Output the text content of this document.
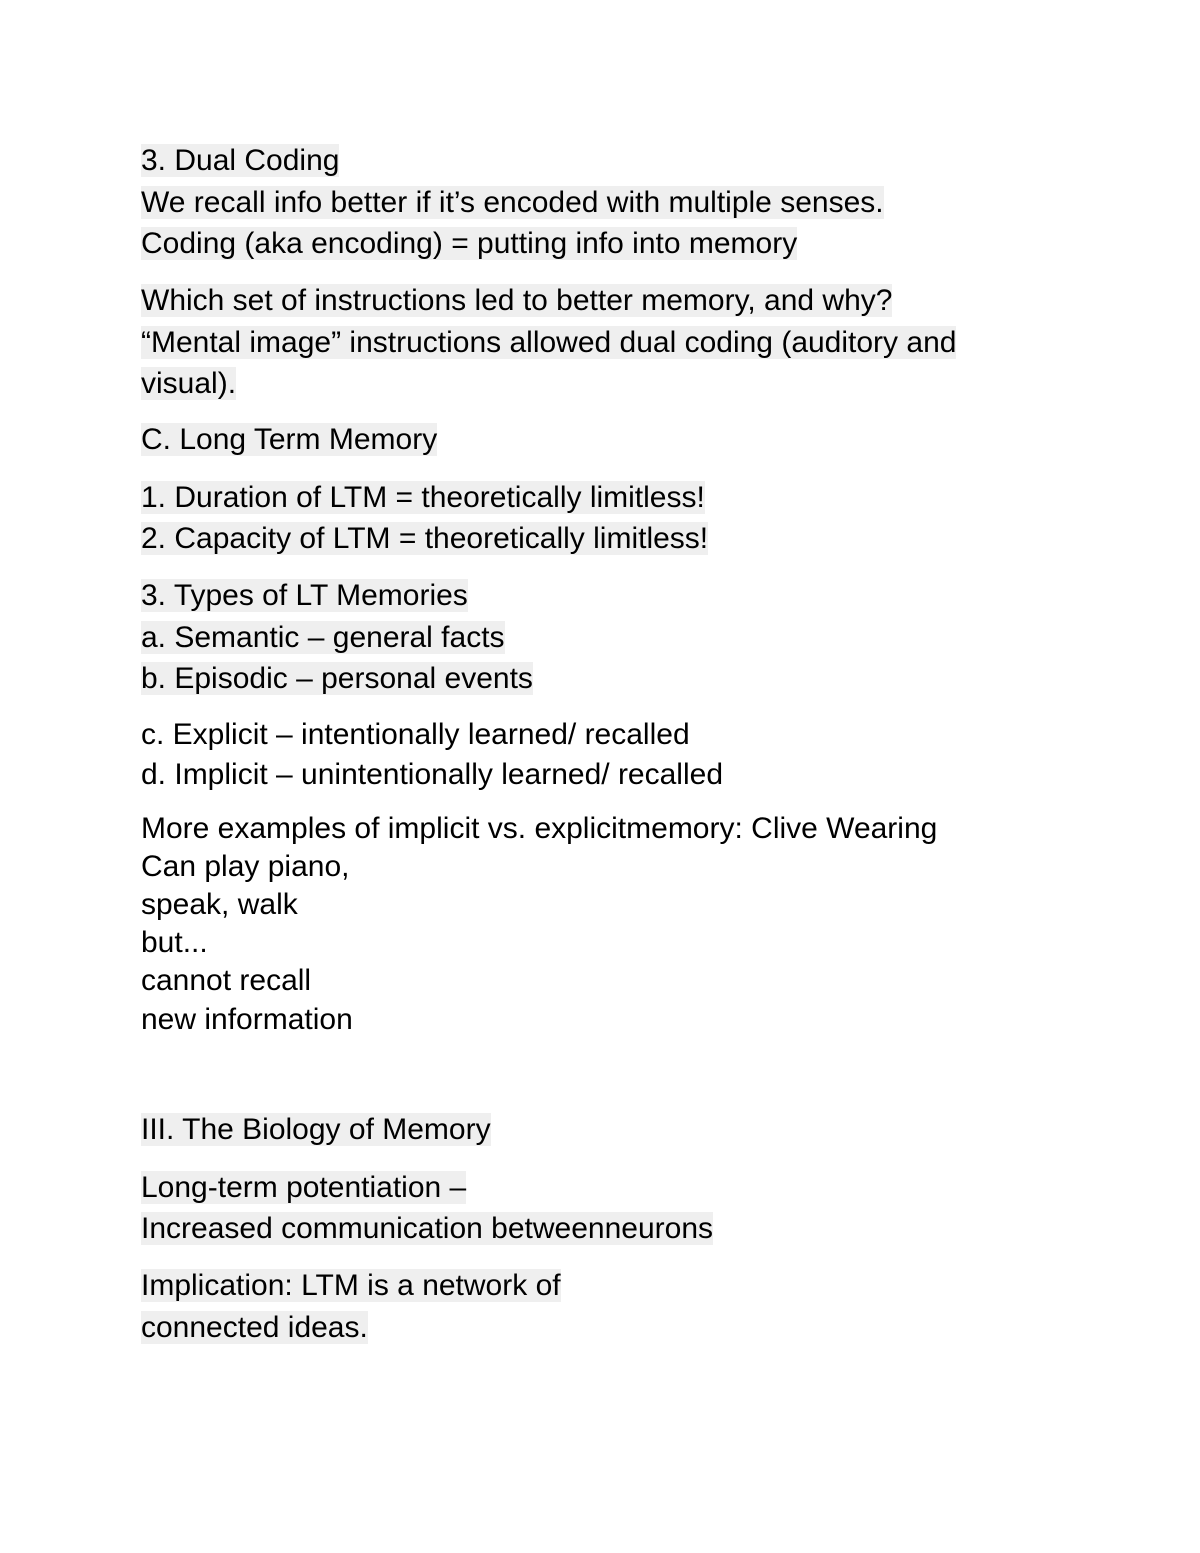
3. Dual Coding
We recall info better if it’s encoded with multiple senses.
Coding (aka encoding) = putting info into memory
Which set of instructions led to better memory, and why?
“Mental image” instructions allowed dual coding (auditory and
visual).
C. Long Term Memory
1. Duration of LTM = theoretically limitless!
2. Capacity of LTM = theoretically limitless!
3. Types of LT Memories
a. Semantic – general facts
b. Episodic – personal events
c. Explicit – intentionally learned/ recalled
d. Implicit – unintentionally learned/ recalled
More examples of implicit vs. explicitmemory: Clive Wearing
Can play piano,
speak, walk
but...
cannot recall
new information
III. The Biology of Memory
Long-term potentiation –
Increased communication betweenneurons
Implication: LTM is a network of
connected ideas.
